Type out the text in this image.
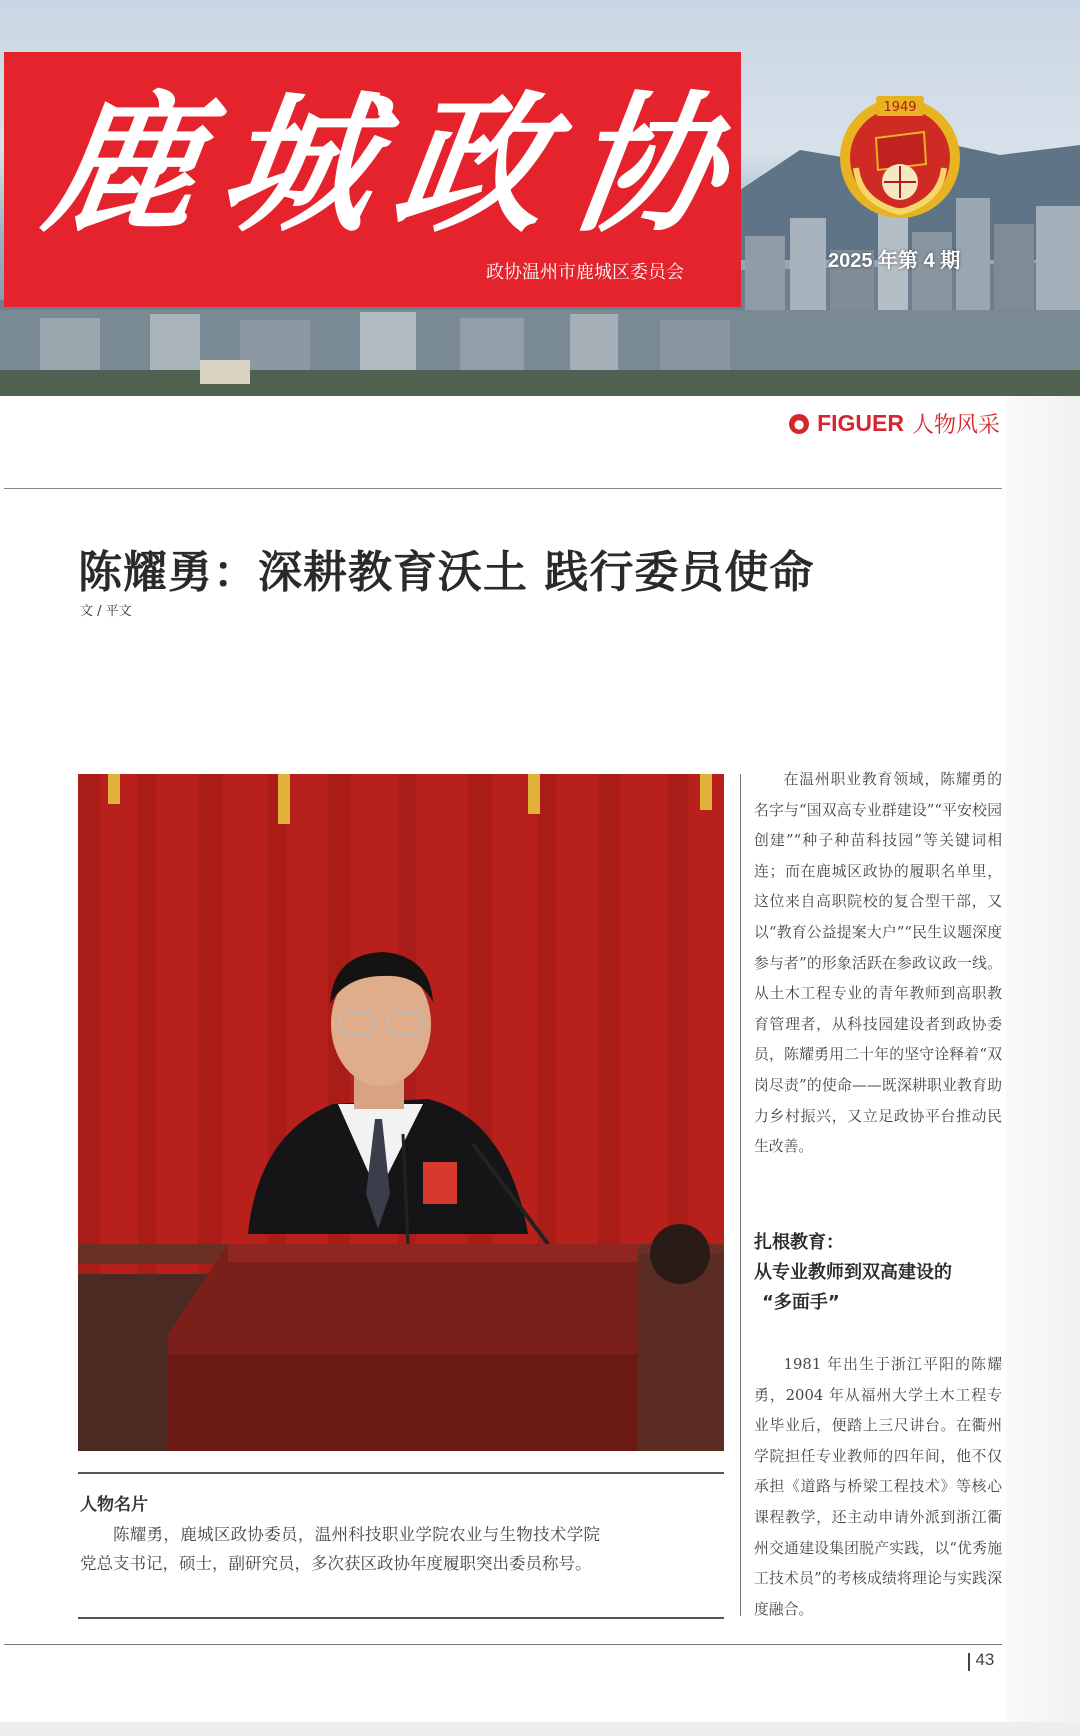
鹿
城
政
协
政协温州市鹿城区委员会
1949
2025 年第 4 期
● FIGUER 人物风采
陈耀勇：深耕教育沃土 践行委员使命
文 / 平文
人物名片
陈耀勇，鹿城区政协委员，温州科技职业学院农业与生物技术学院党总支书记，硕士，副研究员，多次获区政协年度履职突出委员称号。
在温州职业教育领域，陈耀勇的名字与“国双高专业群建设”“平安校园创建”“种子种苗科技园”等关键词相连；而在鹿城区政协的履职名单里，这位来自高职院校的复合型干部，又以“教育公益提案大户”“民生议题深度参与者”的形象活跃在参政议政一线。从土木工程专业的青年教师到高职教育管理者，从科技园建设者到政协委员，陈耀勇用二十年的坚守诠释着“双岗尽责”的使命——既深耕职业教育助力乡村振兴，又立足政协平台推动民生改善。
扎根教育：
从专业教师到双高建设的
“多面手”
1981 年出生于浙江平阳的陈耀勇，2004 年从福州大学土木工程专业毕业后，便踏上三尺讲台。在衢州学院担任专业教师的四年间，他不仅承担《道路与桥梁工程技术》等核心课程教学，还主动申请外派到浙江衢州交通建设集团脱产实践，以“优秀施工技术员”的考核成绩将理论与实践深度融合。
43
